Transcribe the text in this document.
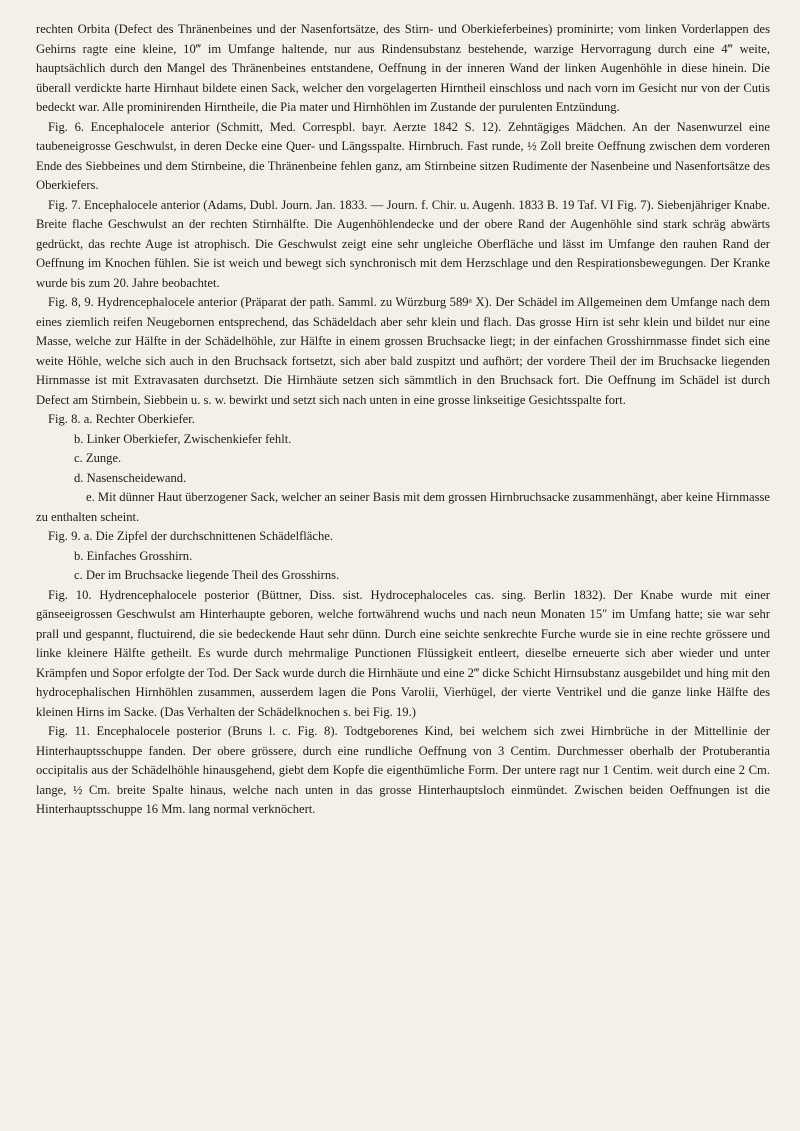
rechten Orbita (Defect des Thränenbeines und der Nasenfortsätze, des Stirn- und Oberkieferbeines) prominirte; vom linken Vorderlappen des Gehirns ragte eine kleine, 10‴ im Umfange haltende, nur aus Rindensubstanz bestehende, warzige Hervorragung durch eine 4‴ weite, hauptsächlich durch den Mangel des Thränenbeines entstandene, Oeffnung in der inneren Wand der linken Augenhöhle in diese hinein. Die überall verdickte harte Hirnhaut bildete einen Sack, welcher den vorgelagerten Hirntheil einschloss und nach vorn im Gesicht nur von der Cutis bedeckt war. Alle prominirenden Hirntheile, die Pia mater und Hirnhöhlen im Zustande der purulenten Entzündung.

Fig. 6. Encephalocele anterior (Schmitt, Med. Correspbl. bayr. Aerzte 1842 S. 12). Zehntägiges Mädchen. An der Nasenwurzel eine taubeneigrosse Geschwulst, in deren Decke eine Quer- und Längsspalte. Hirnbruch. Fast runde, ½ Zoll breite Oeffnung zwischen dem vorderen Ende des Siebbeines und dem Stirnbeine, die Thränenbeine fehlen ganz, am Stirnbeine sitzen Rudimente der Nasenbeine und Nasenfortsätze des Oberkiefers.

Fig. 7. Encephalocele anterior (Adams, Dubl. Journ. Jan. 1833. — Journ. f. Chir. u. Augenh. 1833 B. 19 Taf. VI Fig. 7). Siebenjähriger Knabe. Breite flache Geschwulst an der rechten Stirnhälfte. Die Augenhöhlendecke und der obere Rand der Augenhöhle sind stark schräg abwärts gedrückt, das rechte Auge ist atrophisch. Die Geschwulst zeigt eine sehr ungleiche Oberfläche und lässt im Umfange den rauhen Rand der Oeffnung im Knochen fühlen. Sie ist weich und bewegt sich synchronisch mit dem Herzschlage und den Respirationsbewegungen. Der Kranke wurde bis zum 20. Jahre beobachtet.

Fig. 8, 9. Hydrencephalocele anterior (Präparat der path. Samml. zu Würzburg 589ᵃ X). Der Schädel im Allgemeinen dem Umfange nach dem eines ziemlich reifen Neugebornen entsprechend, das Schädeldach aber sehr klein und flach. Das grosse Hirn ist sehr klein und bildet nur eine Masse, welche zur Hälfte in der Schädelhöhle, zur Hälfte in einem grossen Bruchsacke liegt; in der einfachen Grosshirnmasse findet sich eine weite Höhle, welche sich auch in den Bruchsack fortsetzt, sich aber bald zuspitzt und aufhört; der vordere Theil der im Bruchsacke liegenden Hirnmasse ist mit Extravasaten durchsetzt. Die Hirnhäute setzen sich sämmtlich in den Bruchsack fort. Die Oeffnung im Schädel ist durch Defect am Stirnbein, Siebbein u. s. w. bewirkt und setzt sich nach unten in eine grosse linkseitige Gesichtsspalte fort.

Fig. 8. a. Rechter Oberkiefer.

b. Linker Oberkiefer, Zwischenkiefer fehlt.

c. Zunge.

d. Nasenscheidewand.

e. Mit dünner Haut überzogener Sack, welcher an seiner Basis mit dem grossen Hirnbruchsacke zusammenhängt, aber keine Hirnmasse zu enthalten scheint.

Fig. 9. a. Die Zipfel der durchschnittenen Schädelfläche.

b. Einfaches Grosshirn.

c. Der im Bruchsacke liegende Theil des Grosshirns.

Fig. 10. Hydrencephalocele posterior (Büttner, Diss. sist. Hydrocephaloceles cas. sing. Berlin 1832). Der Knabe wurde mit einer gänseeigrossen Geschwulst am Hinterhaupte geboren, welche fortwährend wuchs und nach neun Monaten 15″ im Umfang hatte; sie war sehr prall und gespannt, fluctuirend, die sie bedeckende Haut sehr dünn. Durch eine seichte senkrechte Furche wurde sie in eine rechte grössere und linke kleinere Hälfte getheilt. Es wurde durch mehrmalige Punctionen Flüssigkeit entleert, dieselbe erneuerte sich aber wieder und unter Krämpfen und Sopor erfolgte der Tod. Der Sack wurde durch die Hirnhäute und eine 2‴ dicke Schicht Hirnsubstanz ausgebildet und hing mit den hydrocephalischen Hirnhöhlen zusammen, ausserdem lagen die Pons Varolii, Vierhügel, der vierte Ventrikel und die ganze linke Hälfte des kleinen Hirns im Sacke. (Das Verhalten der Schädelknochen s. bei Fig. 19.)

Fig. 11. Encephalocele posterior (Bruns l. c. Fig. 8). Todtgeborenes Kind, bei welchem sich zwei Hirnbrüche in der Mittellinie der Hinterhauptsschuppe fanden. Der obere grössere, durch eine rundliche Oeffnung von 3 Centim. Durchmesser oberhalb der Protuberantia occipitalis aus der Schädelhöhle hinausgehend, giebt dem Kopfe die eigenthümliche Form. Der untere ragt nur 1 Centim. weit durch eine 2 Cm. lange, ½ Cm. breite Spalte hinaus, welche nach unten in das grosse Hinterhauptsloch einmündet. Zwischen beiden Oeffnungen ist die Hinterhauptsschuppe 16 Mm. lang normal verknöchert.
